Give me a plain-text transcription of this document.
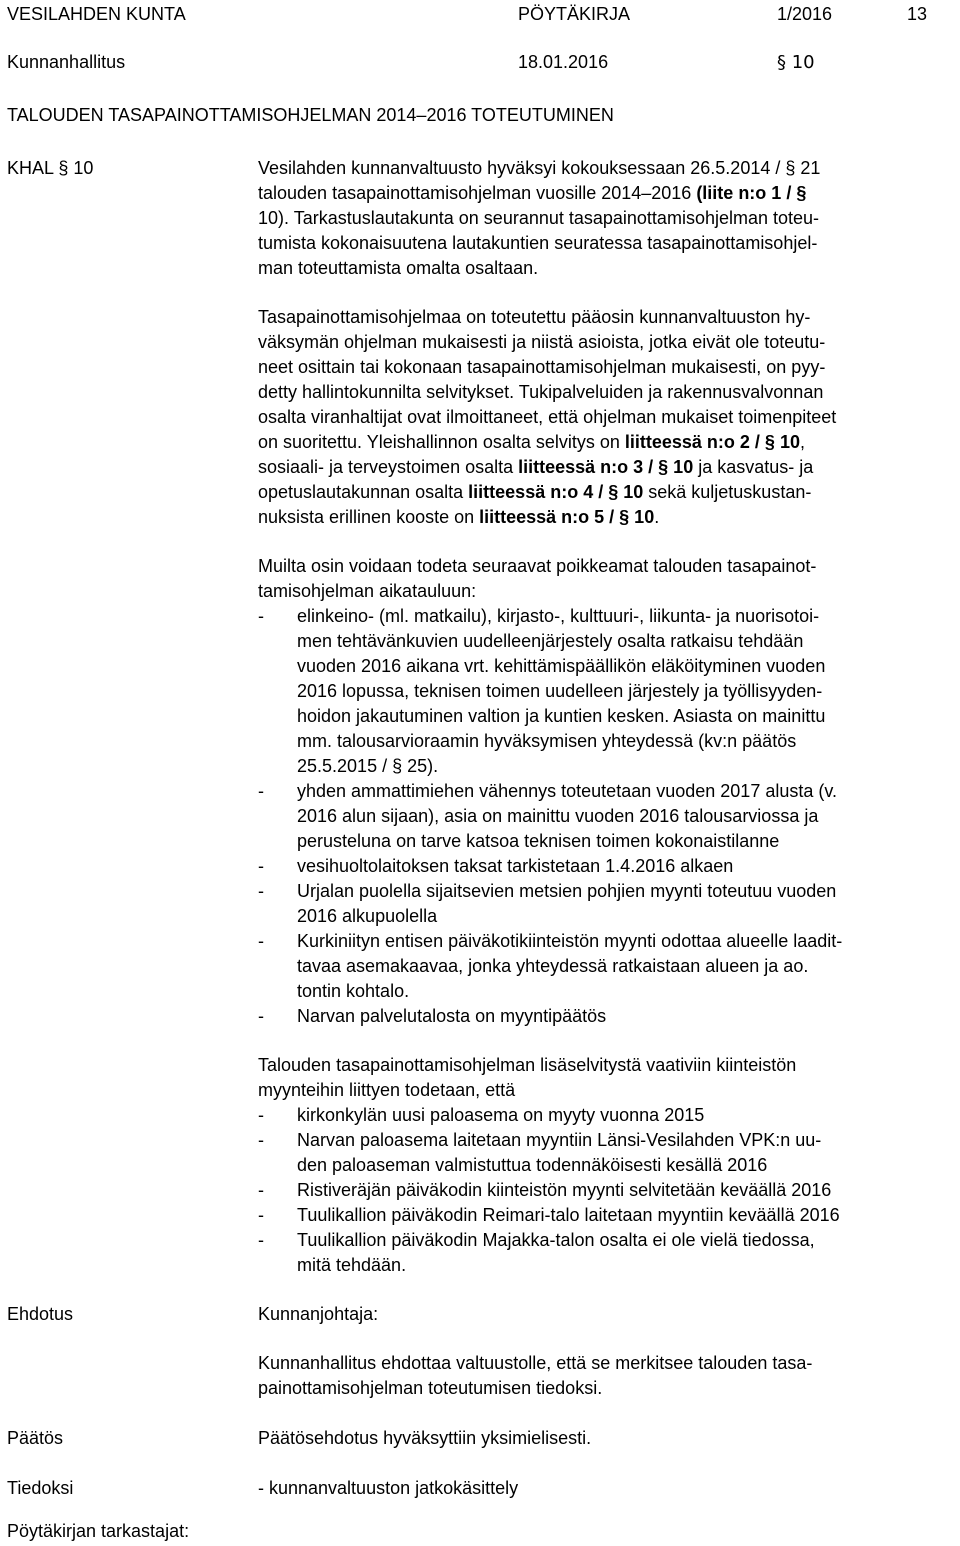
VESILAHDEN KUNTA	PÖYTÄKIRJA	1/2016	13
Kunnanhallitus	18.01.2016	§ 10
TALOUDEN TASAPAINOTTAMISOHJELMAN 2014–2016 TOTEUTUMINEN
KHAL § 10	Vesilahden kunnanvaltuusto hyväksyi kokouksessaan 26.5.2014 / § 21
talouden tasapainottamisohjelman vuosille 2014–2016 (liite n:o 1 / §
10). Tarkastuslautakunta on seurannut tasapainottamisohjelman toteu-
tumista kokonaisuutena lautakuntien seuratessa tasapainottamisohjel-
man toteuttamista omalta osaltaan.
Tasapainottamisohjelmaa on toteutettu pääosin kunnanvaltuuston hy-
väksymän ohjelman mukaisesti ja niistä asioista, jotka eivät ole toteutu-
neet osittain tai kokonaan tasapainottamisohjelman mukaisesti, on pyy-
detty hallintokunnilta selvitykset. Tukipalveluiden ja rakennusvalvonnan
osalta viranhaltijat ovat ilmoittaneet, että ohjelman mukaiset toimenpiteet
on suoritettu. Yleishallinnon osalta selvitys on liitteessä n:o 2 / § 10,
sosiaali- ja terveystoimen osalta liitteessä n:o 3 / § 10 ja kasvatus- ja
opetuslautakunnan osalta liitteessä n:o 4 / § 10 sekä kuljetuskustan-
nuksista erillinen kooste on liitteessä n:o 5 / § 10.
Muilta osin voidaan todeta seuraavat poikkeamat talouden tasapainot-
tamisohjelman aikatauluun:
- elinkeino- (ml. matkailu), kirjasto-, kulttuuri-, liikunta- ja nuorisotoi-
men tehtävänkuvien uudelleenjärjestely osalta ratkaisu tehdään
vuoden 2016 aikana vrt. kehittämispäällikön eläköityminen vuoden
2016 lopussa, teknisen toimen uudelleen järjestely ja työllisyyden-
hoidon jakautuminen valtion ja kuntien kesken. Asiasta on mainittu
mm. talousarvioraamin hyväksymisen yhteydessä (kv:n päätös
25.5.2015 / § 25).
- yhden ammattimiehen vähennys toteutetaan vuoden 2017 alusta (v.
2016 alun sijaan), asia on mainittu vuoden 2016 talousarviossa ja
perusteluna on tarve katsoa teknisen toimen kokonaistilanne
- vesihuoltolaitoksen taksat tarkistetaan 1.4.2016 alkaen
- Urjalan puolella sijaitsevien metsien pohjien myynti toteutuu vuoden
2016 alkupuolella
- Kurkiniityn entisen päiväkotikiinteistön myynti odottaa alueelle laadit-
tavaa asemakaavaa, jonka yhteydessä ratkaistaan alueen ja ao.
tontin kohtalo.
- Narvan palvelutalosta on myyntipäätös
Talouden tasapainottamisohjelman lisäselvitystä vaativiin kiinteistön
myynteihin liittyen todetaan, että
- kirkonkylän uusi paloasema on myyty vuonna 2015
- Narvan paloasema laitetaan myyntiin Länsi-Vesilahden VPK:n uu-
den paloaseman valmistuttua todennäköisesti kesällä 2016
- Ristiveräjän päiväkodin kiinteistön myynti selvitetään keväällä 2016
- Tuulikallion päiväkodin Reimari-talo laitetaan myyntiin keväällä 2016
- Tuulikallion päiväkodin Majakka-talon osalta ei ole vielä tiedossa,
mitä tehdään.
Ehdotus	Kunnanjohtaja:
Kunnanhallitus ehdottaa valtuustolle, että se merkitsee talouden tasa-
painottamisohjelman toteutumisen tiedoksi.
Päätös	Päätösehdotus hyväksyttiin yksimielisesti.
Tiedoksi	- kunnanvaltuuston jatkokäsittely
Pöytäkirjan tarkastajat:
